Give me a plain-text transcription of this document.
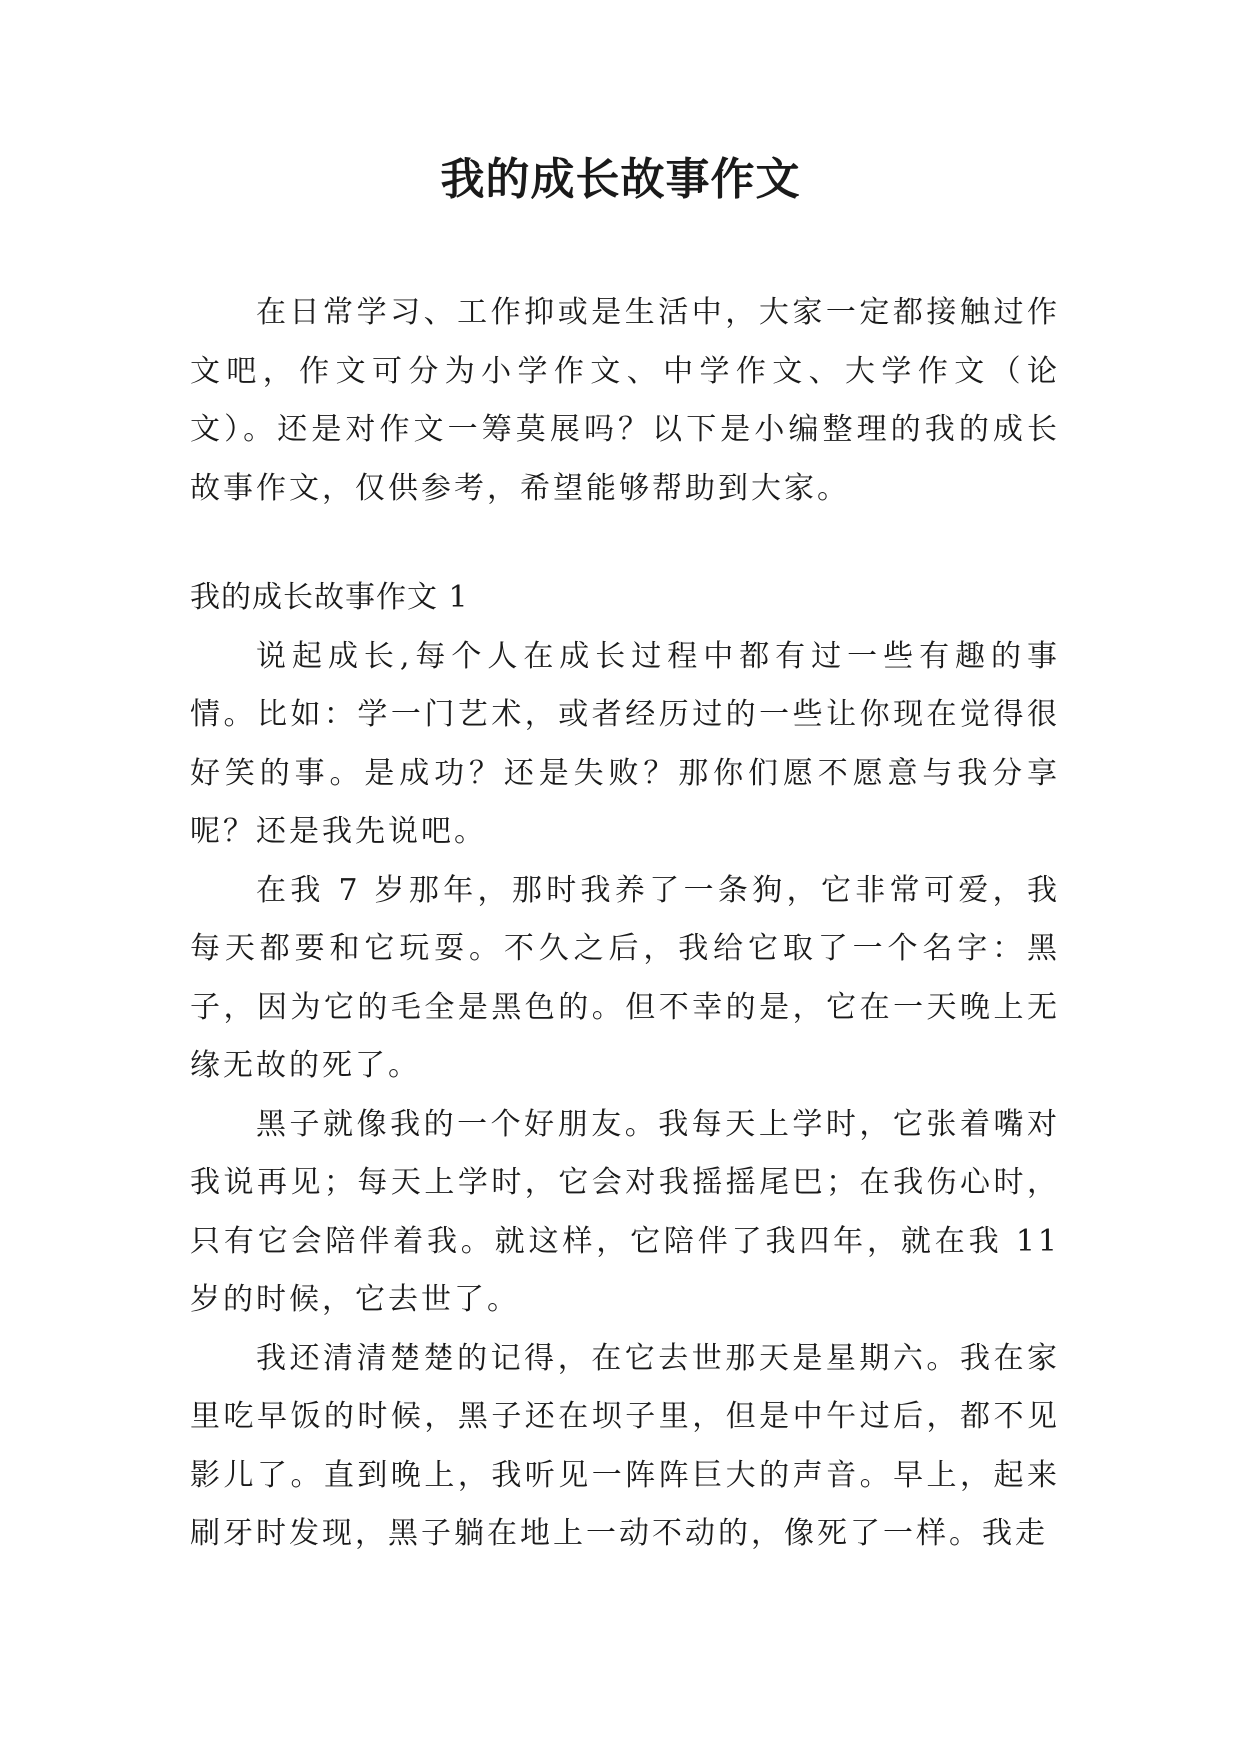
我的成长故事作文

在日常学习、工作抑或是生活中，大家一定都接触过作文吧，作文可分为小学作文、中学作文、大学作文（论文）。还是对作文一筹莫展吗？以下是小编整理的我的成长故事作文，仅供参考，希望能够帮助到大家。

我的成长故事作文 1

说起成长,每个人在成长过程中都有过一些有趣的事情。比如：学一门艺术，或者经历过的一些让你现在觉得很好笑的事。是成功？还是失败？那你们愿不愿意与我分享呢？还是我先说吧。

在我 7 岁那年，那时我养了一条狗，它非常可爱，我每天都要和它玩耍。不久之后，我给它取了一个名字：黑子，因为它的毛全是黑色的。但不幸的是，它在一天晚上无缘无故的死了。

黑子就像我的一个好朋友。我每天上学时，它张着嘴对我说再见；每天上学时，它会对我摇摇尾巴；在我伤心时，只有它会陪伴着我。就这样，它陪伴了我四年，就在我 11 岁的时候，它去世了。

我还清清楚楚的记得，在它去世那天是星期六。我在家里吃早饭的时候，黑子还在坝子里，但是中午过后，都不见影儿了。直到晚上，我听见一阵阵巨大的声音。早上，起来刷牙时发现，黑子躺在地上一动不动的，像死了一样。我走
